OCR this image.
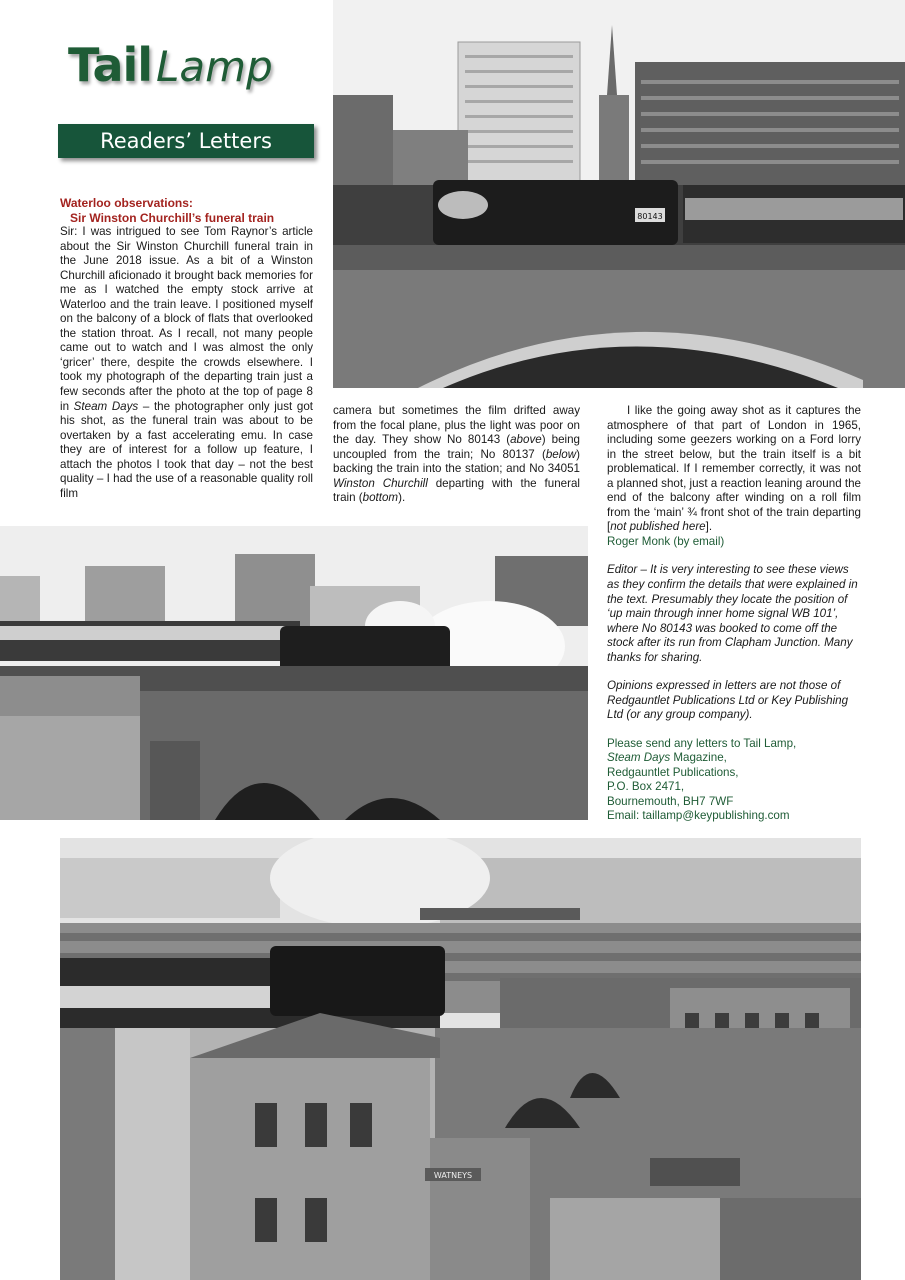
TailLamp
Readers’ Letters
80143

Waterloo observations:
Sir Winston Churchill’s funeral train

Sir: I was intrigued to see Tom Raynor’s article about the Sir Winston Churchill funeral train in the June 2018 issue. As a bit of a Winston Churchill aficionado it brought back memories for me as I watched the empty stock arrive at Waterloo and the train leave. I positioned myself on the balcony of a block of flats that overlooked the station throat. As I recall, not many people came out to watch and I was almost the only ‘gricer’ there, despite the crowds elsewhere. I took my photograph of the departing train just a few seconds after the photo at the top of page 8 in Steam Days – the photographer only just got his shot, as the funeral train was about to be overtaken by a fast accelerating emu. In case they are of interest for a follow up feature, I attach the photos I took that day – not the best quality – I had the use of a reasonable quality roll film

camera but sometimes the film drifted away from the focal plane, plus the light was poor on the day. They show No 80143 (above) being uncoupled from the train; No 80137 (below) backing the train into the station; and No 34051 Winston Churchill departing with the funeral train (bottom).

I like the going away shot as it captures the atmosphere of that part of London in 1965, including some geezers working on a Ford lorry in the street below, but the train itself is a bit problematical. If I remember correctly, it was not a planned shot, just a reaction leaning around the end of the balcony after winding on a roll film from the ‘main’ ¾ front shot of the train departing [not published here].

Roger Monk (by email)

Editor – It is very interesting to see these views as they confirm the details that were explained in the text. Presumably they locate the position of ‘up main through inner home signal WB 101’, where No 80143 was booked to come off the stock after its run from Clapham Junction. Many thanks for sharing.

Opinions expressed in letters are not those of Redgauntlet Publications Ltd or Key Publishing Ltd (or any group company).

Please send any letters to Tail Lamp,
Steam Days Magazine,
Redgauntlet Publications,
P.O. Box 2471,
Bournemouth, BH7 7WF
Email: taillamp@keypublishing.com
WATNEYS
